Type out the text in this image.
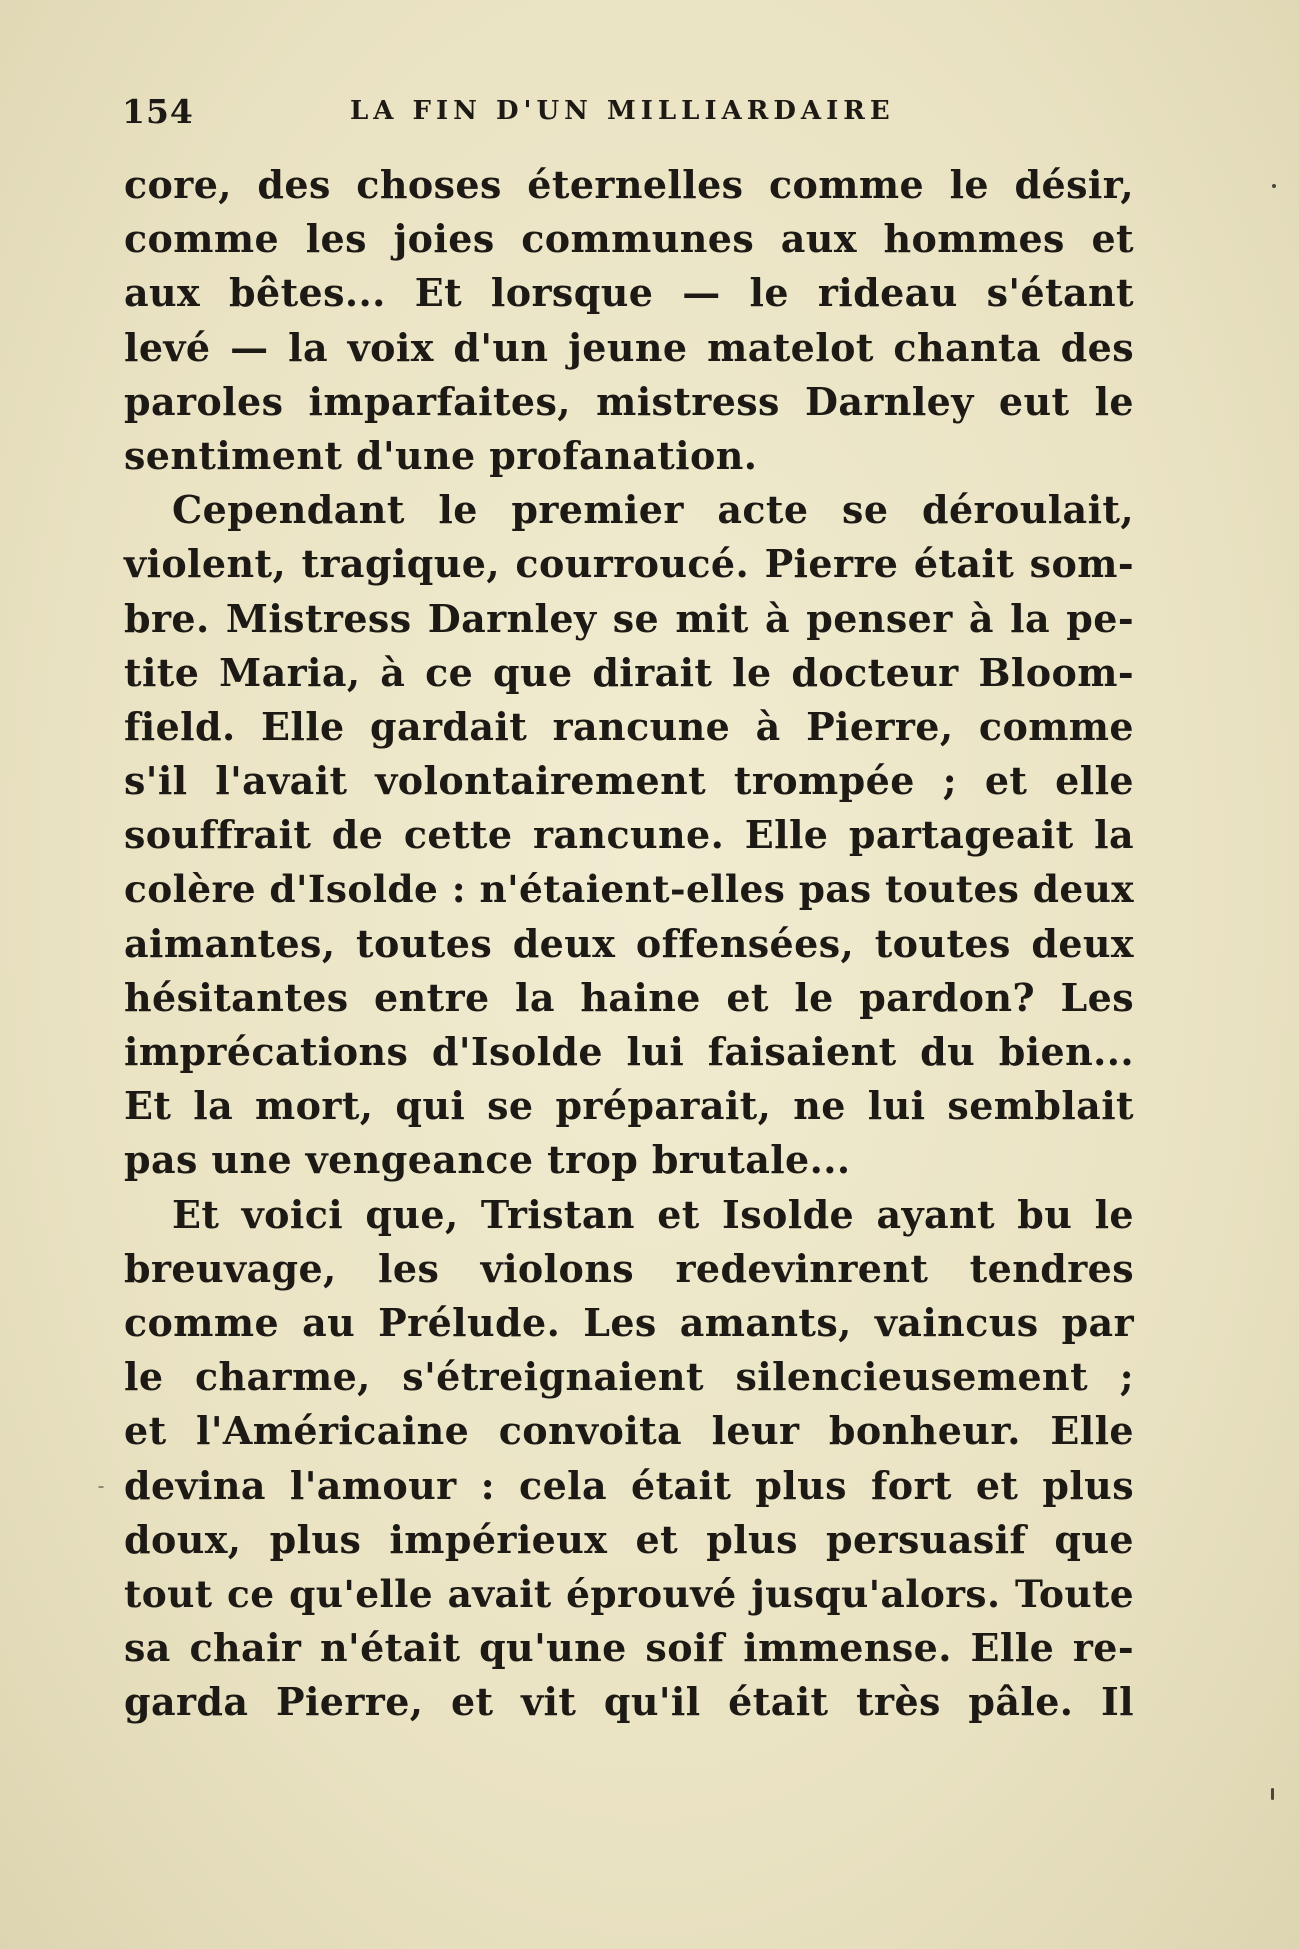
154	LA FIN D'UN MILLIARDAIRE
core, des choses éternelles comme le désir,
comme les joies communes aux hommes et
aux bêtes... Et lorsque — le rideau s'étant
levé — la voix d'un jeune matelot chanta des
paroles imparfaites, mistress Darnley eut le
sentiment d'une profanation.
Cependant le premier acte se déroulait,
violent, tragique, courroucé. Pierre était som-
bre. Mistress Darnley se mit à penser à la pe-
tite Maria, à ce que dirait le docteur Bloom-
field. Elle gardait rancune à Pierre, comme
s'il l'avait volontairement trompée ; et elle
souffrait de cette rancune. Elle partageait la
colère d'Isolde : n'étaient-elles pas toutes deux
aimantes, toutes deux offensées, toutes deux
hésitantes entre la haine et le pardon? Les
imprécations d'Isolde lui faisaient du bien...
Et la mort, qui se préparait, ne lui semblait
pas une vengeance trop brutale...
Et voici que, Tristan et Isolde ayant bu le
breuvage, les violons redevinrent tendres
comme au Prélude. Les amants, vaincus par
le charme, s'étreignaient silencieusement ;
et l'Américaine convoita leur bonheur. Elle
devina l'amour : cela était plus fort et plus
doux, plus impérieux et plus persuasif que
tout ce qu'elle avait éprouvé jusqu'alors. Toute
sa chair n'était qu'une soif immense. Elle re-
garda Pierre, et vit qu'il était très pâle. Il
